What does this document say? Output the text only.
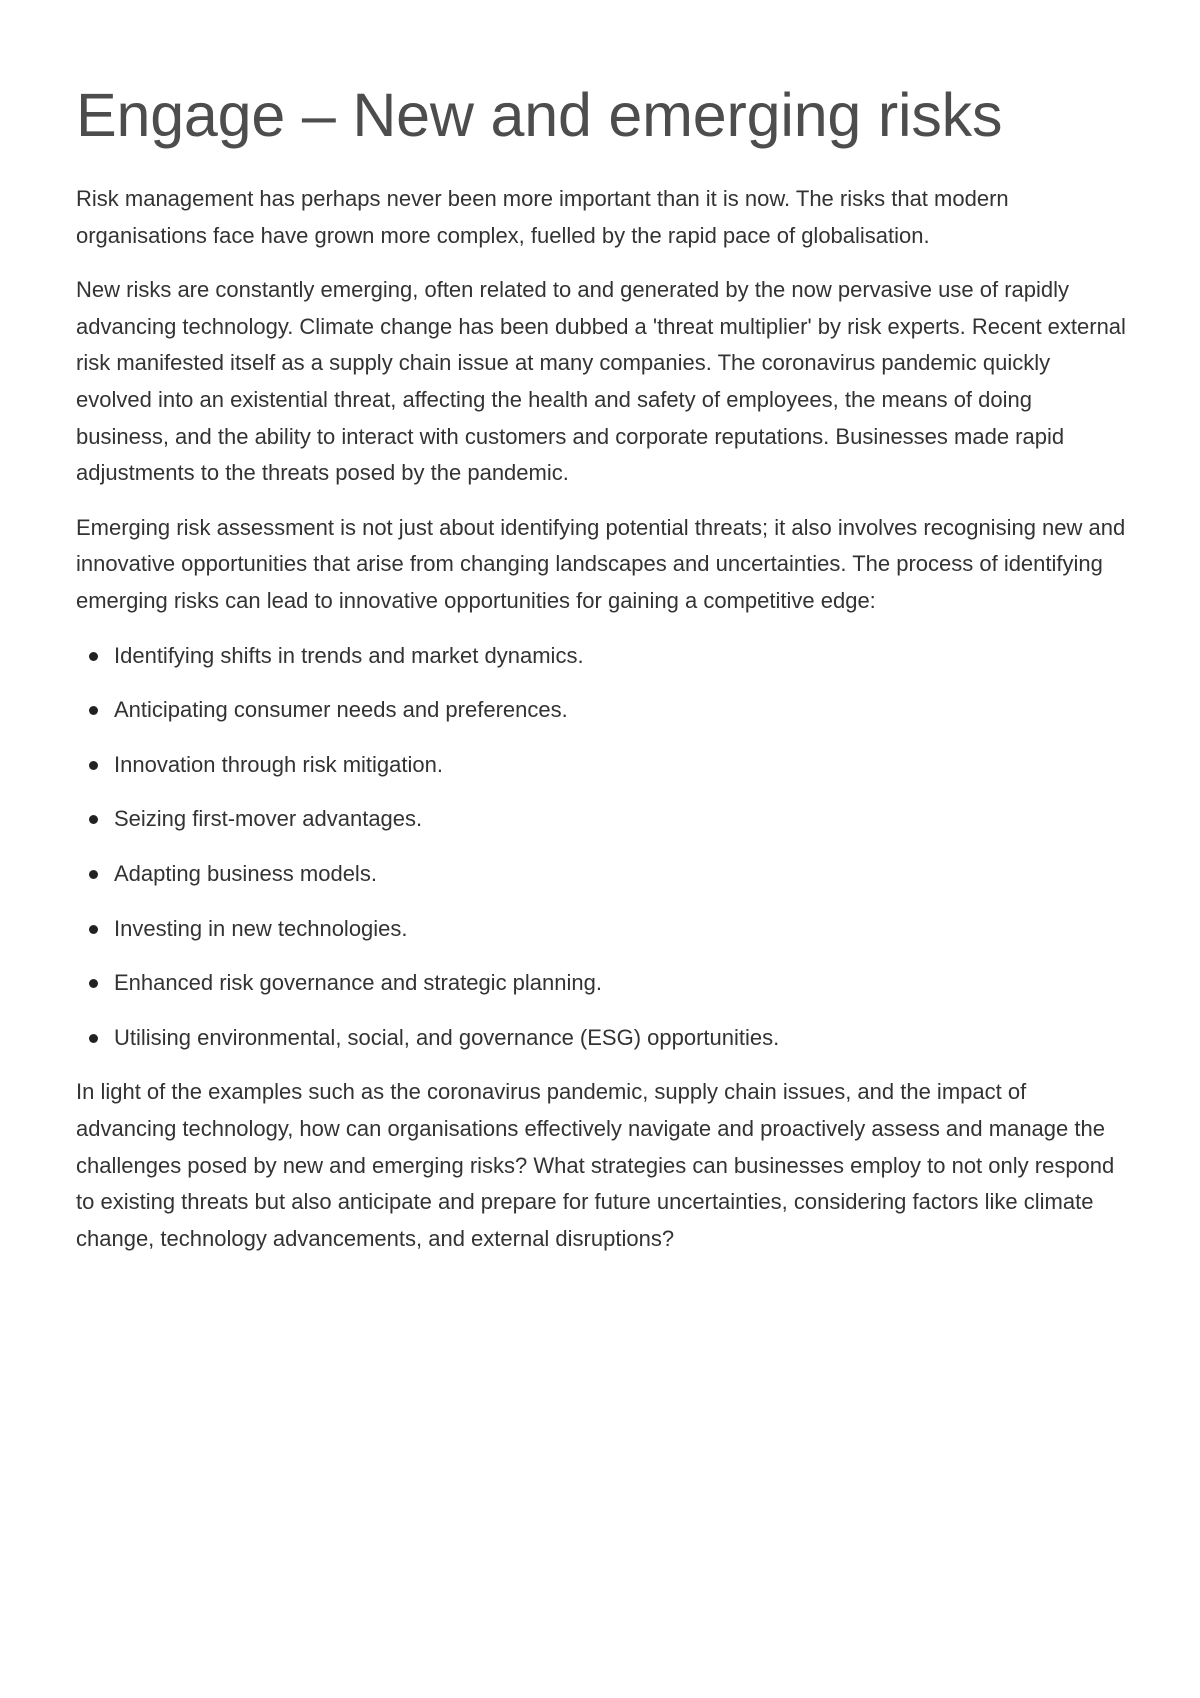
Engage – New and emerging risks

Risk management has perhaps never been more important than it is now. The risks that modern organisations face have grown more complex, fuelled by the rapid pace of globalisation.

New risks are constantly emerging, often related to and generated by the now pervasive use of rapidly advancing technology. Climate change has been dubbed a 'threat multiplier' by risk experts. Recent external risk manifested itself as a supply chain issue at many companies. The coronavirus pandemic quickly evolved into an existential threat, affecting the health and safety of employees, the means of doing business, and the ability to interact with customers and corporate reputations. Businesses made rapid adjustments to the threats posed by the pandemic.

Emerging risk assessment is not just about identifying potential threats; it also involves recognising new and innovative opportunities that arise from changing landscapes and uncertainties. The process of identifying emerging risks can lead to innovative opportunities for gaining a competitive edge:

Identifying shifts in trends and market dynamics.
Anticipating consumer needs and preferences.
Innovation through risk mitigation.
Seizing first-mover advantages.
Adapting business models.
Investing in new technologies.
Enhanced risk governance and strategic planning.
Utilising environmental, social, and governance (ESG) opportunities.

In light of the examples such as the coronavirus pandemic, supply chain issues, and the impact of advancing technology, how can organisations effectively navigate and proactively assess and manage the challenges posed by new and emerging risks? What strategies can businesses employ to not only respond to existing threats but also anticipate and prepare for future uncertainties, considering factors like climate change, technology advancements, and external disruptions?
